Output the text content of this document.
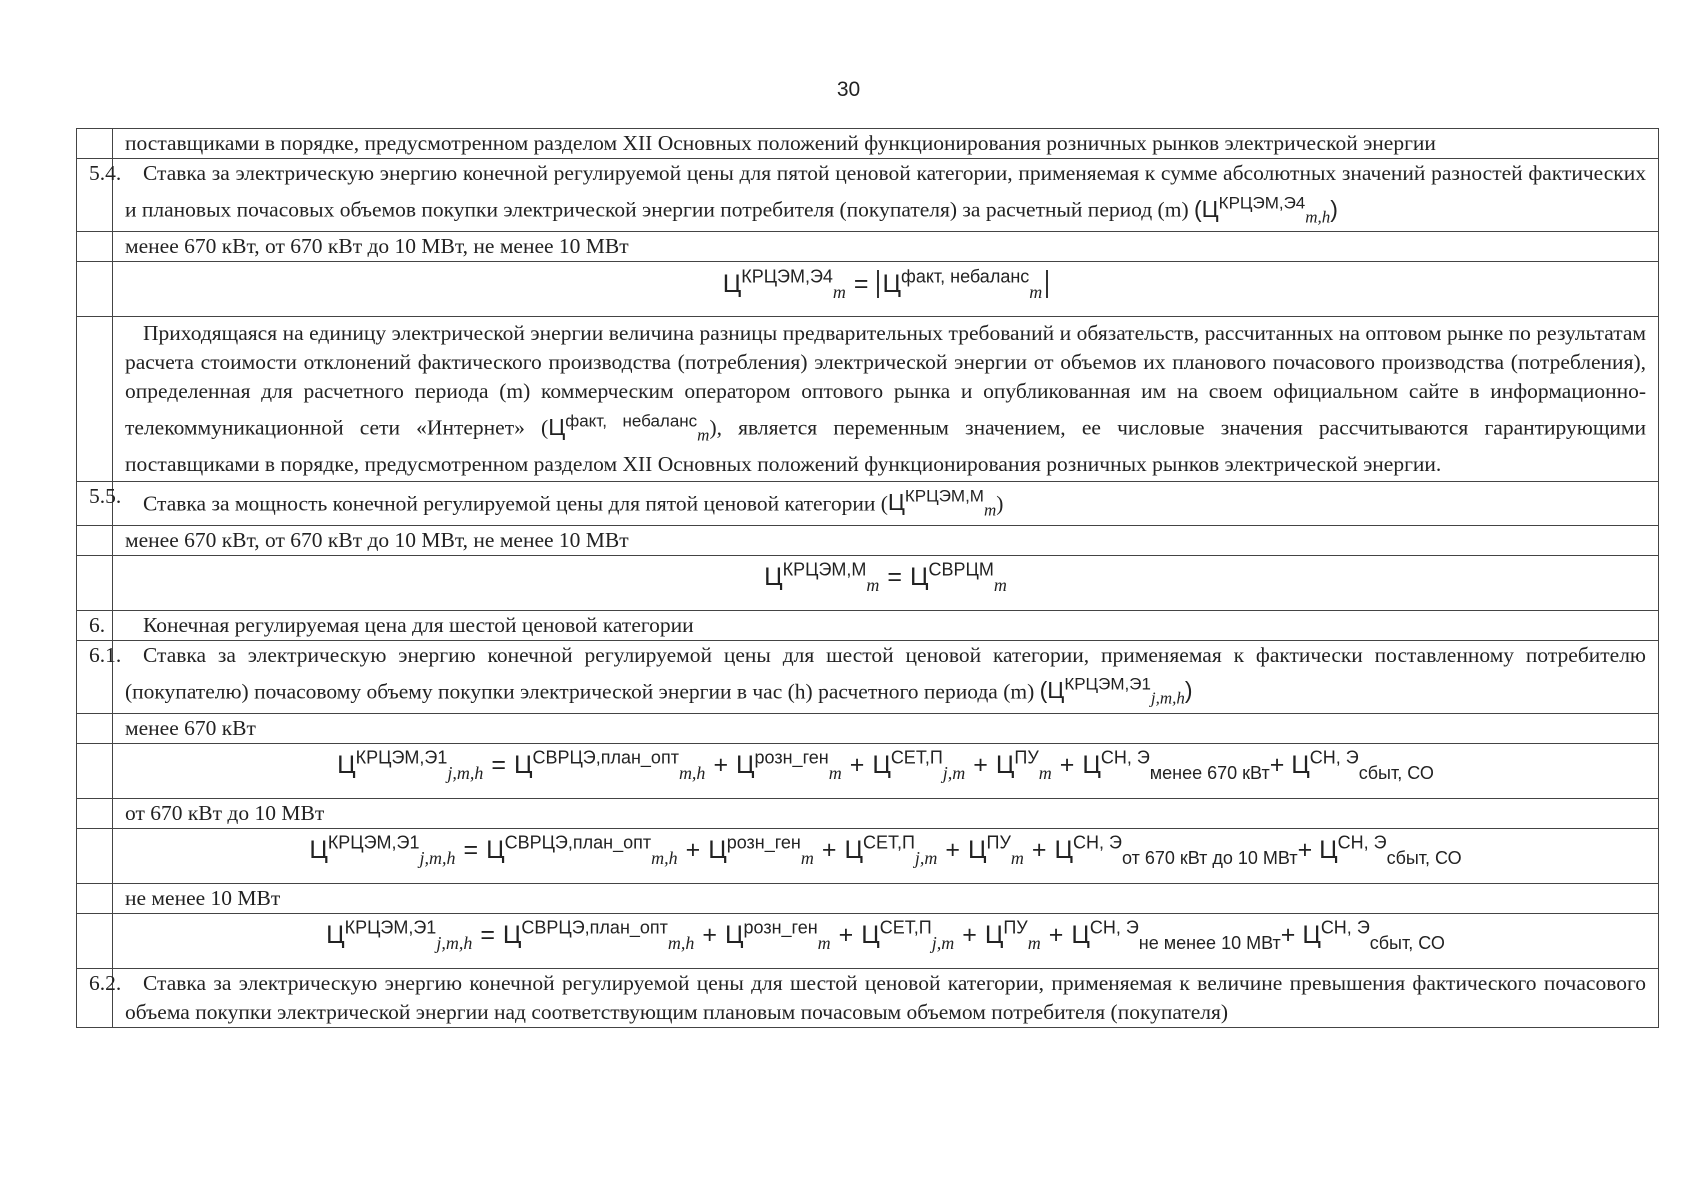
30
	поставщиками в порядке, предусмотренном разделом XII Основных положений функционирования розничных рынков электрической энергии
5.4.	Ставка за электрическую энергию конечной регулируемой цены для пятой ценовой категории, применяемая к сумме абсолютных значений разностей фактических и плановых почасовых объемов покупки электрической энергии потребителя (покупателя) за расчетный период (m) $(Ц^{КРЦЭМ,Э4}_{m,h})$

	менее 670 кВт, от 670 кВт до 10 МВт, не менее 10 МВт
	$Ц^{КРЦЭМ,Э4}_m = Ц^{факт, небаланс}_m$

	Приходящаяся на единицу электрической энергии величина разницы предварительных требований и обязательств, рассчитанных на оптовом рынке по результатам расчета стоимости отклонений фактического производства (потребления) электрической энергии от объемов их планового почасового производства (потребления), определенная для расчетного периода (m) коммерческим оператором оптового рынка и опубликованная им на своем официальном сайте в информационно-телекоммуникационной сети «Интернет» $(Ц^{факт, небаланс}_m)$, является переменным значением, ее числовые значения рассчитываются гарантирующими поставщиками в порядке, предусмотренном разделом XII Основных положений функционирования розничных рынков электрической энергии.

5.5.	Ставка за мощность конечной регулируемой цены для пятой ценовой категории $(Ц^{КРЦЭМ,М}_m)$

	менее 670 кВт, от 670 кВт до 10 МВт, не менее 10 МВт
	$Ц^{КРЦЭМ,М}_m = Ц^{СВРЦМ}_m$
6.	Конечная регулируемая цена для шестой ценовой категории

6.1.	Ставка за электрическую энергию конечной регулируемой цены для шестой ценовой категории, применяемая к фактически поставленному потребителю (покупателю) почасовому объему покупки электрической энергии в час (h) расчетного периода (m) $(Ц^{КРЦЭМ,Э1}_{j,m,h})$

	менее 670 кВт
	$Ц^{КРЦЭМ,Э1}_{j,m,h} = Ц^{СВРЦЭ,план\_опт}_{m,h} + Ц^{розн\_ген}_m + Ц^{СЕТ,П}_{j,m} + Ц^{ПУ}_m + Ц^{СН, Э}_{менее 670 кВт}+ Ц^{СН, Э}_{сбыт, СО}$
	от 670 кВт до 10 МВт
	$Ц^{КРЦЭМ,Э1}_{j,m,h} = Ц^{СВРЦЭ,план\_опт}_{m,h} + Ц^{розн\_ген}_m + Ц^{СЕТ,П}_{j,m} + Ц^{ПУ}_m + Ц^{СН, Э}_{от 670 кВт до 10 МВт}+ Ц^{СН, Э}_{сбыт, СО}$
	не менее 10 МВт
	$Ц^{КРЦЭМ,Э1}_{j,m,h} = Ц^{СВРЦЭ,план\_опт}_{m,h} + Ц^{розн\_ген}_m + Ц^{СЕТ,П}_{j,m} + Ц^{ПУ}_m + Ц^{СН, Э}_{не менее 10 МВт}+ Ц^{СН, Э}_{сбыт, СО}$
6.2.	Ставка за электрическую энергию конечной регулируемой цены для шестой ценовой категории, применяемая к величине превышения фактического почасового объема покупки электрической энергии над соответствующим плановым почасовым объемом потребителя (покупателя)
